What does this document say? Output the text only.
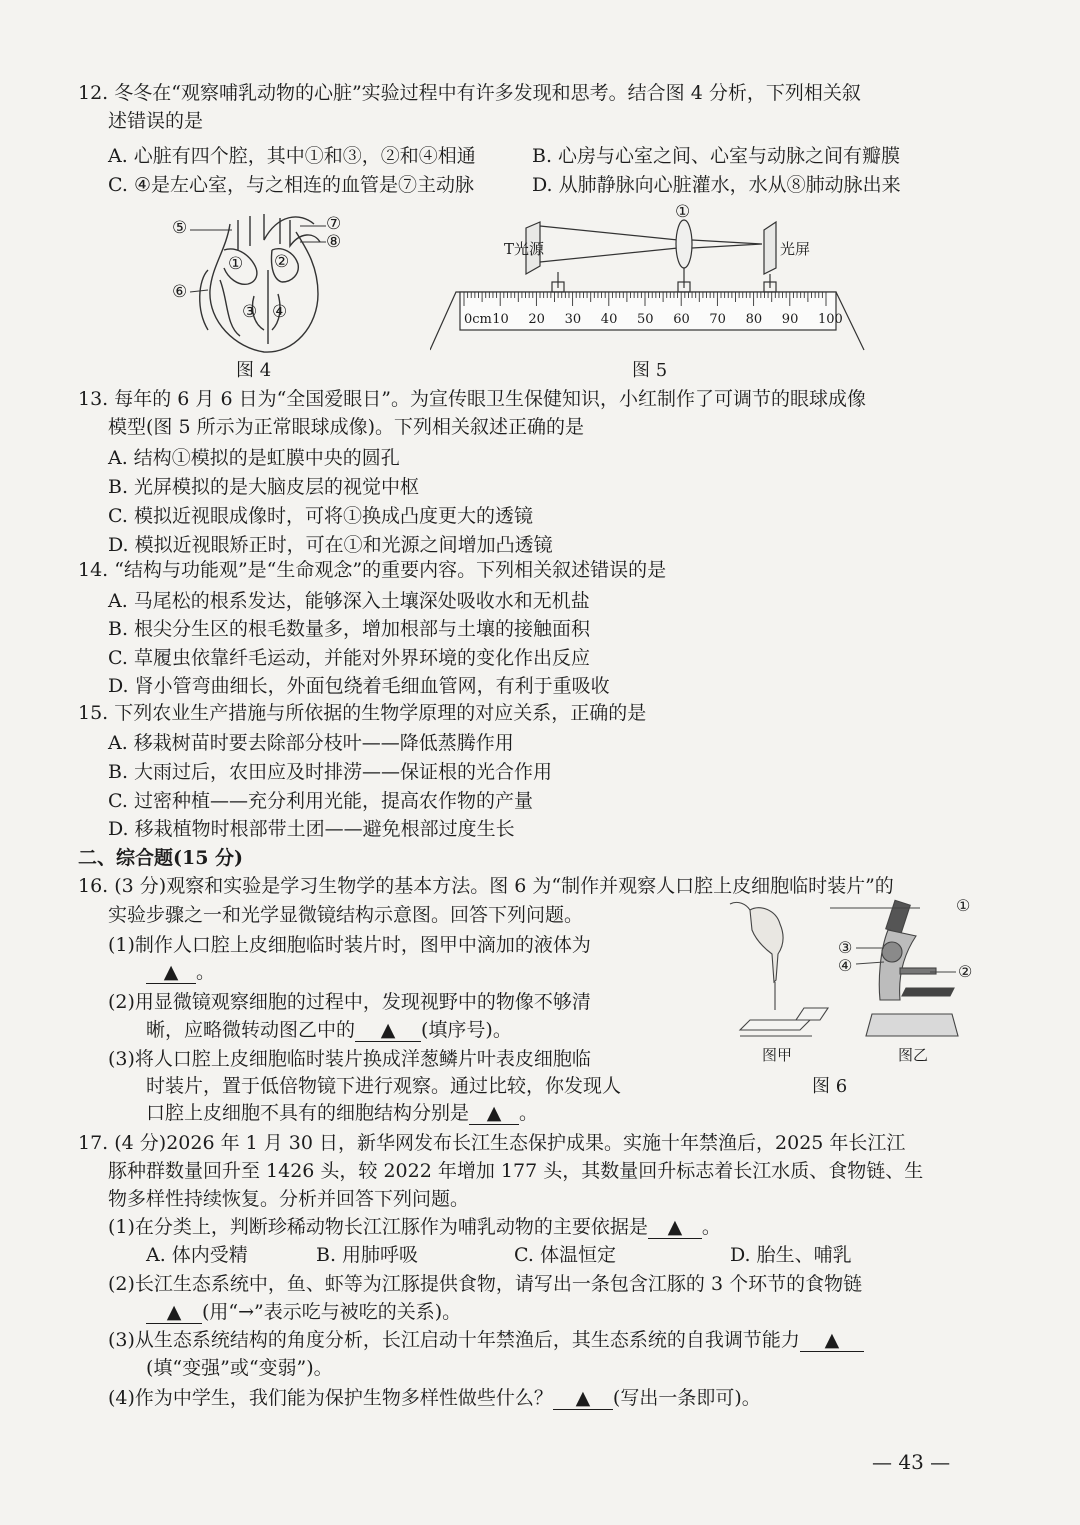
12. 冬冬在“观察哺乳动物的心脏”实验过程中有许多发现和思考。结合图 4 分析，下列相关叙
述错误的是
A. 心脏有四个腔，其中①和③，②和④相通	B. 心房与心室之间、心室与动脉之间有瓣膜
C. ④是左心室，与之相连的血管是⑦主动脉	D. 从肺静脉向心脏灌水，水从⑧肺动脉出来
⑤	⑦
⑧
① ②
⑥
③ ④
图 4
①
T光源	光屏
0cm 10 20 30 40 50 60 70 80 90 100
图 5
13. 每年的 6 月 6 日为“全国爱眼日”。为宣传眼卫生保健知识，小红制作了可调节的眼球成像
模型(图 5 所示为正常眼球成像)。下列相关叙述正确的是
A. 结构①模拟的是虹膜中央的圆孔
B. 光屏模拟的是大脑皮层的视觉中枢
C. 模拟近视眼成像时，可将①换成凸度更大的透镜
D. 模拟近视眼矫正时，可在①和光源之间增加凸透镜
14. “结构与功能观”是“生命观念”的重要内容。下列相关叙述错误的是
A. 马尾松的根系发达，能够深入土壤深处吸收水和无机盐
B. 根尖分生区的根毛数量多，增加根部与土壤的接触面积
C. 草履虫依靠纤毛运动，并能对外界环境的变化作出反应
D. 肾小管弯曲细长，外面包绕着毛细血管网，有利于重吸收
15. 下列农业生产措施与所依据的生物学原理的对应关系，正确的是
A. 移栽树苗时要去除部分枝叶——降低蒸腾作用
B. 大雨过后，农田应及时排涝——保证根的光合作用
C. 过密种植——充分利用光能，提高农作物的产量
D. 移栽植物时根部带土团——避免根部过度生长
二、综合题(15 分)
16. (3 分)观察和实验是学习生物学的基本方法。图 6 为“制作并观察人口腔上皮细胞临时装片”的
实验步骤之一和光学显微镜结构示意图。回答下列问题。
(1)制作人口腔上皮细胞临时装片时，图甲中滴加的液体为
▲ 。
(2)用显微镜观察细胞的过程中，发现视野中的物像不够清
晰，应略微转动图乙中的 ▲ (填序号)。
(3)将人口腔上皮细胞临时装片换成洋葱鳞片叶表皮细胞临
时装片，置于低倍物镜下进行观察。通过比较，你发现人
口腔上皮细胞不具有的细胞结构分别是 ▲ 。
①
②
③
④
图甲	图乙
图 6
17. (4 分)2026 年 1 月 30 日，新华网发布长江生态保护成果。实施十年禁渔后，2025 年长江江
豚种群数量回升至 1426 头，较 2022 年增加 177 头，其数量回升标志着长江水质、食物链、生
物多样性持续恢复。分析并回答下列问题。
(1)在分类上，判断珍稀动物长江江豚作为哺乳动物的主要依据是 ▲ 。
A. 体内受精	B. 用肺呼吸	C. 体温恒定	D. 胎生、哺乳
(2)长江生态系统中，鱼、虾等为江豚提供食物，请写出一条包含江豚的 3 个环节的食物链
▲ (用“→”表示吃与被吃的关系)。
(3)从生态系统结构的角度分析，长江启动十年禁渔后，其生态系统的自我调节能力 ▲
(填“变强”或“变弱”)。
(4)作为中学生，我们能为保护生物多样性做些什么？ ▲ (写出一条即可)。
— 43 —
